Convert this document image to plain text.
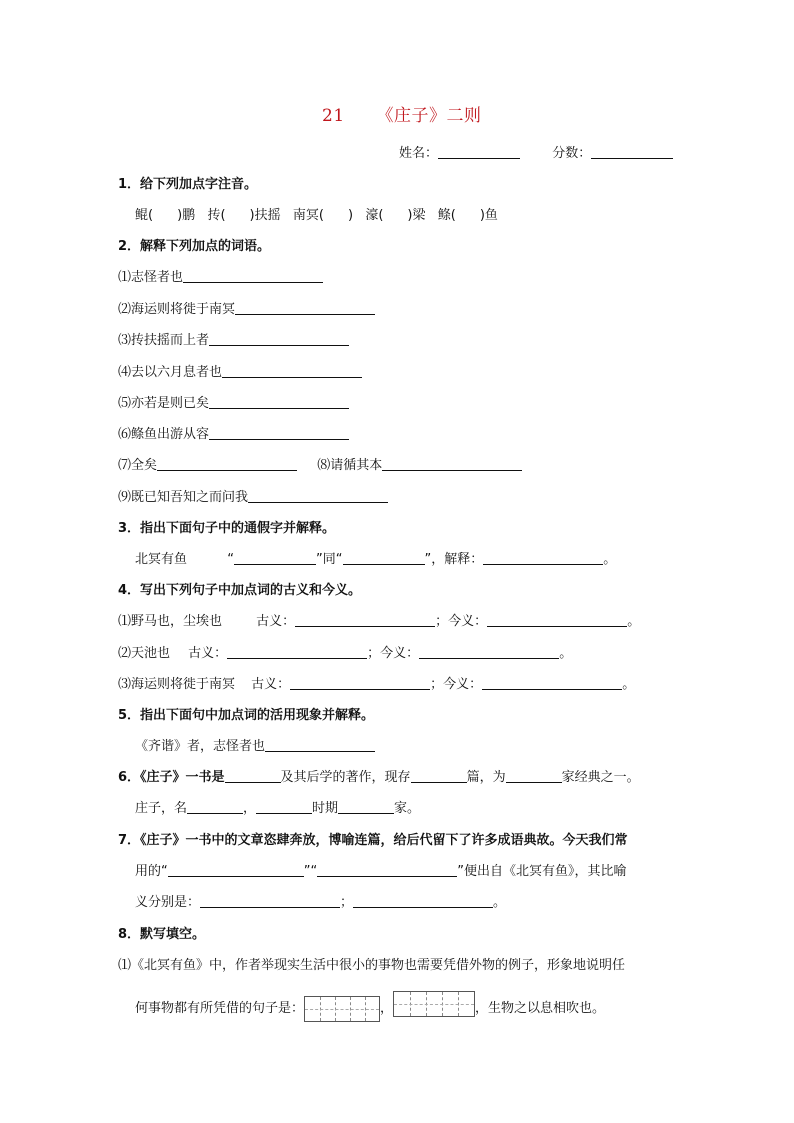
21 《庄子》二则
姓名：	分数：
1．给下列加点字注音。
鲲( )鹏 抟( )扶摇 南冥( ) 濠( )梁 鲦( )鱼
2．解释下列加点的词语。
⑴志怪者也
⑵海运则将徙于南冥
⑶抟扶摇而上者
⑷去以六月息者也
⑸亦若是则已矣
⑹鲦鱼出游从容
⑺全矣	⑻请循其本
⑼既已知吾知之而问我
3．指出下面句子中的通假字并解释。
北冥有鱼	“	”同“	”，解释：	。
4．写出下列句子中加点词的古义和今义。
⑴野马也，尘埃也	古义：	；今义：	。
⑵天池也 古义：	；今义：	。
⑶海运则将徙于南冥 古义：	；今义：	。
5．指出下面句中加点词的活用现象并解释。
《齐谐》者，志怪者也
6．《庄子》一书是	及其后学的著作，现存	篇，为	家经典之一。
庄子，名	，	时期	家。
7．《庄子》一书中的文章恣肆奔放，博喻连篇，给后代留下了许多成语典故。今天我们常
用的“	”“	”便出自《北冥有鱼》，其比喻
义分别是：	；	。
8．默写填空。
⑴《北冥有鱼》中，作者举现实生活中很小的事物也需要凭借外物的例子，形象地说明任
何事物都有所凭借的句子是：	，	，生物之以息相吹也。
